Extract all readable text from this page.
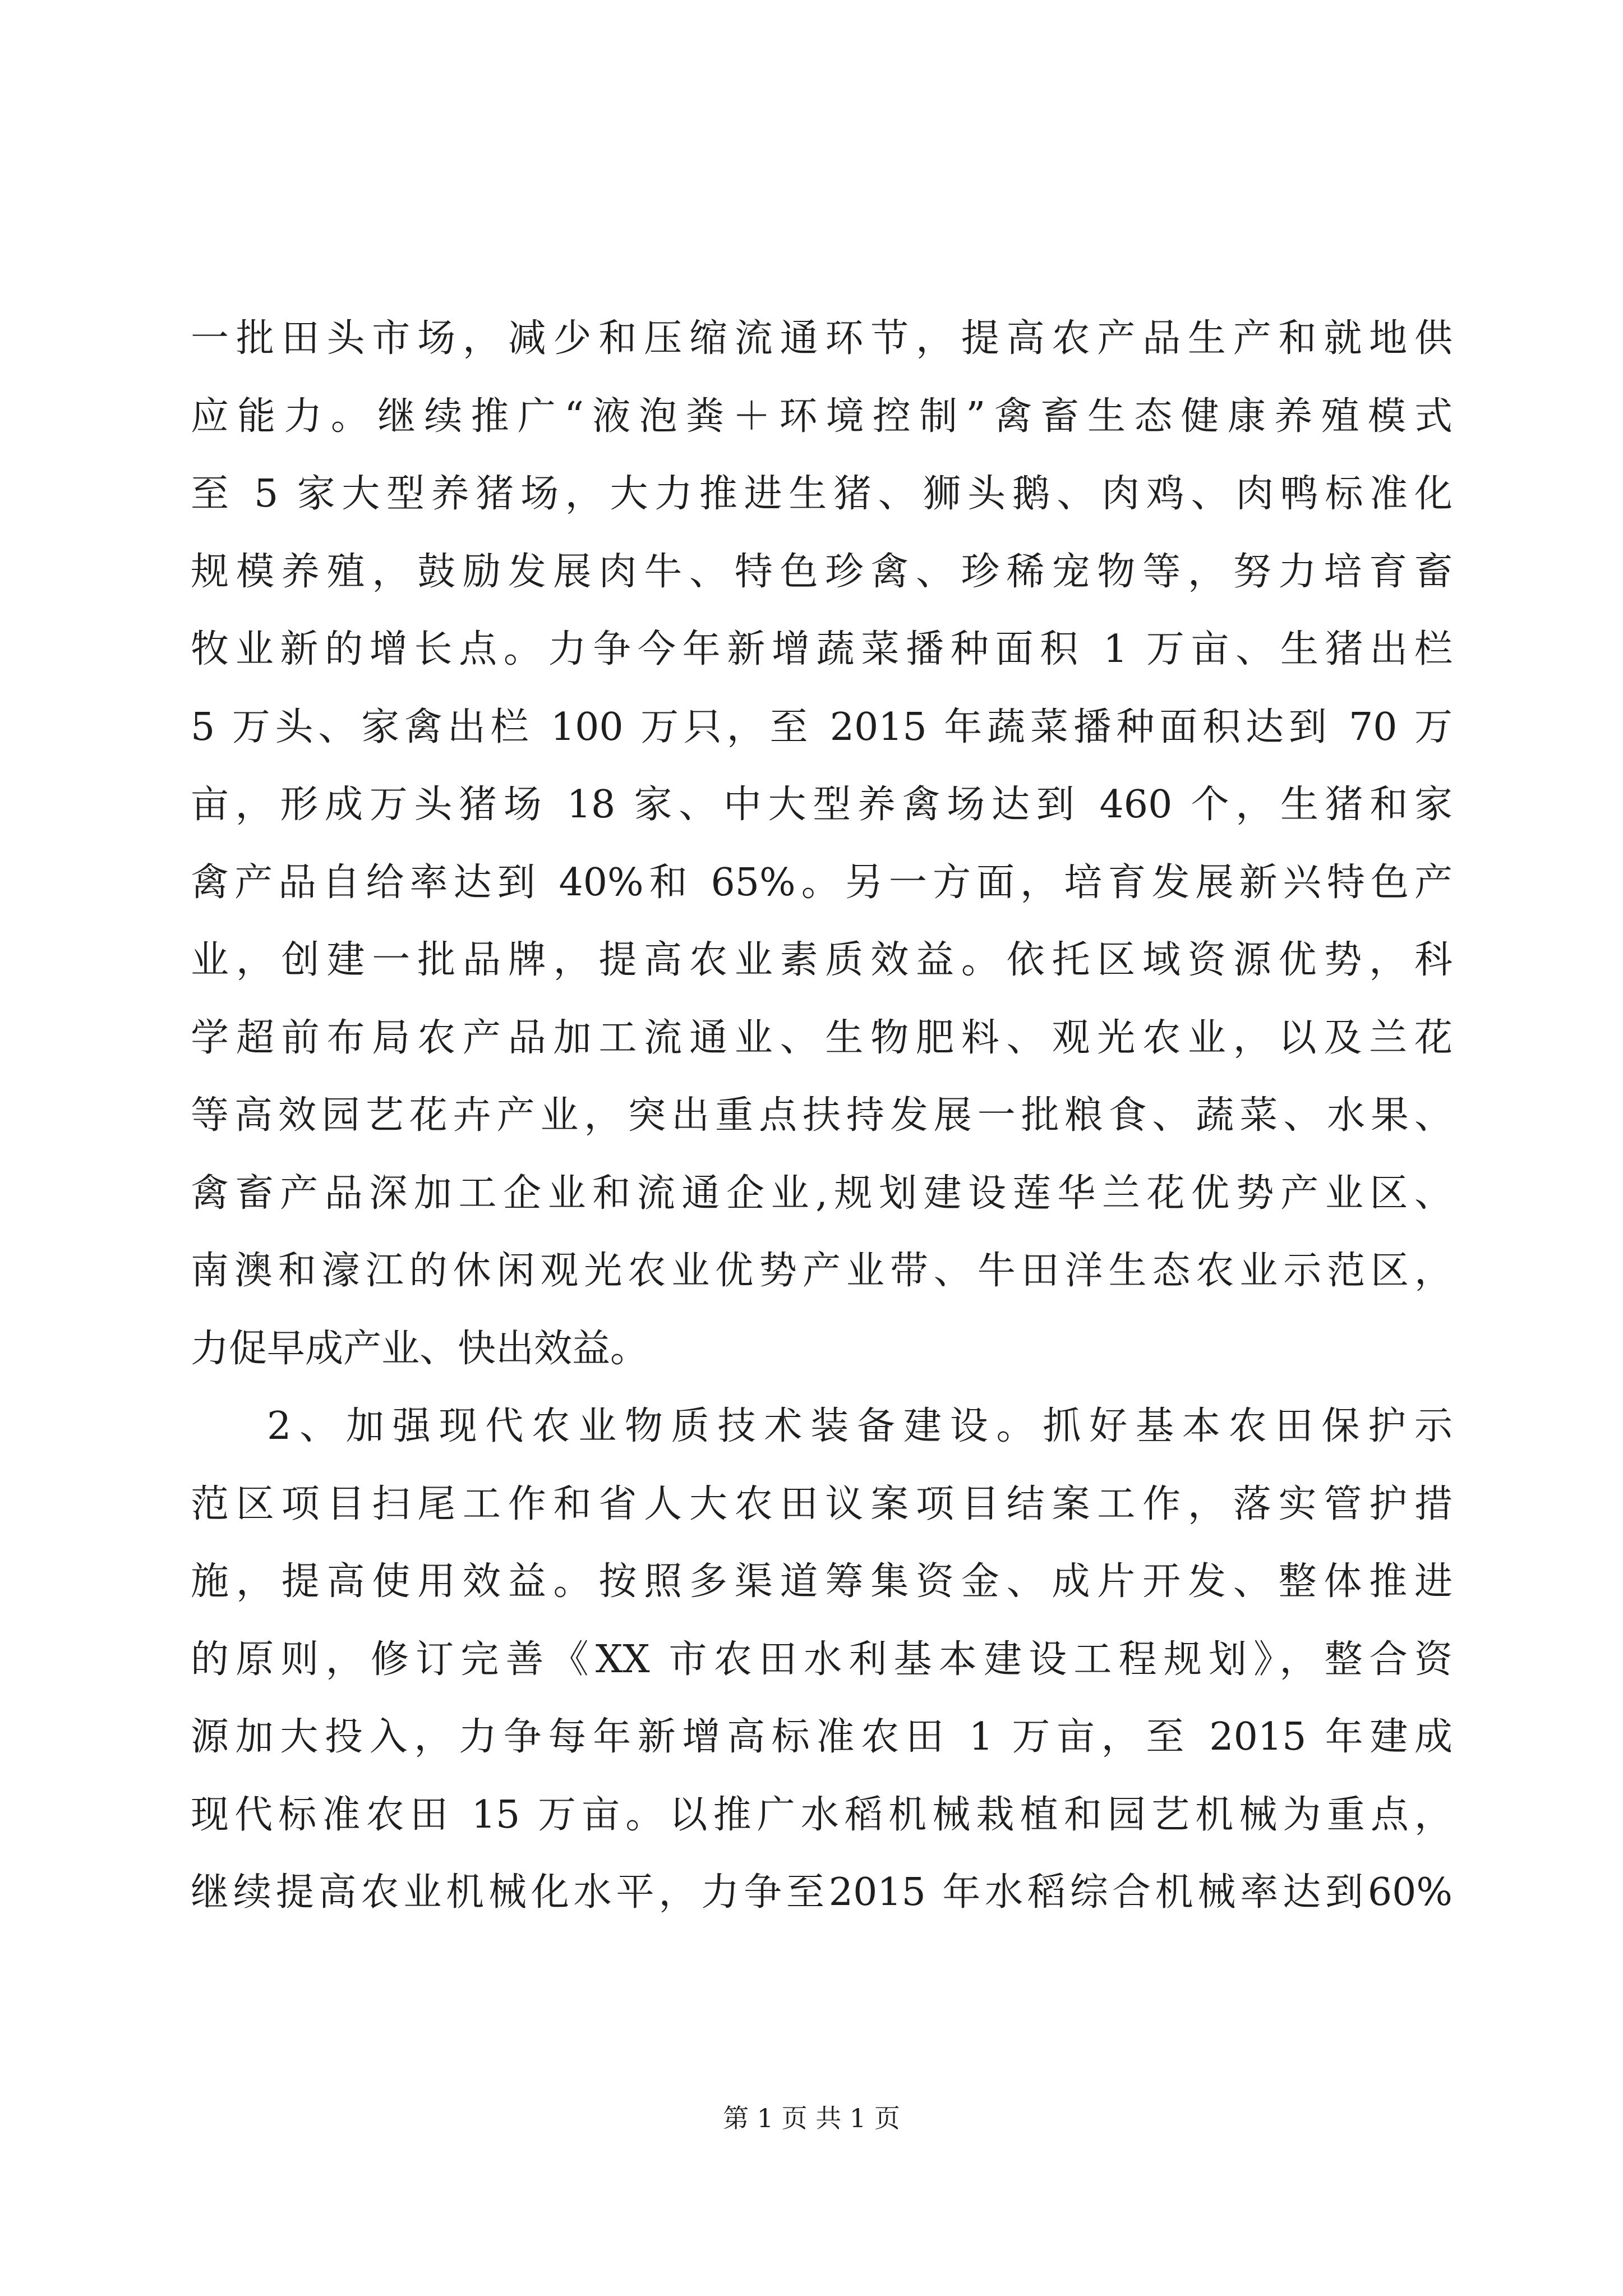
一批田头市场，减少和压缩流通环节，提高农产品生产和就地供
应能力。继续推广“液泡粪＋环境控制”禽畜生态健康养殖模式
至 5 家大型养猪场，大力推进生猪、狮头鹅、肉鸡、肉鸭标准化
规模养殖，鼓励发展肉牛、特色珍禽、珍稀宠物等，努力培育畜
牧业新的增长点。力争今年新增蔬菜播种面积 1 万亩、生猪出栏
5 万头、家禽出栏 100 万只，至 2015 年蔬菜播种面积达到 70 万
亩，形成万头猪场 18 家、中大型养禽场达到 460 个，生猪和家
禽产品自给率达到 40%和 65%。另一方面，培育发展新兴特色产
业，创建一批品牌，提高农业素质效益。依托区域资源优势，科
学超前布局农产品加工流通业、生物肥料、观光农业，以及兰花
等高效园艺花卉产业，突出重点扶持发展一批粮食、蔬菜、水果、
禽畜产品深加工企业和流通企业,规划建设莲华兰花优势产业区、
南澳和濠江的休闲观光农业优势产业带、牛田洋生态农业示范区，
力促早成产业、快出效益。
2、加强现代农业物质技术装备建设。抓好基本农田保护示
范区项目扫尾工作和省人大农田议案项目结案工作，落实管护措
施，提高使用效益。按照多渠道筹集资金、成片开发、整体推进
的原则，修订完善《XX 市农田水利基本建设工程规划》，整合资
源加大投入，力争每年新增高标准农田 1 万亩，至 2015 年建成
现代标准农田 15 万亩。以推广水稻机械栽植和园艺机械为重点，
继续提高农业机械化水平，力争至2015 年水稻综合机械率达到60%
第 1 页 共 1 页
